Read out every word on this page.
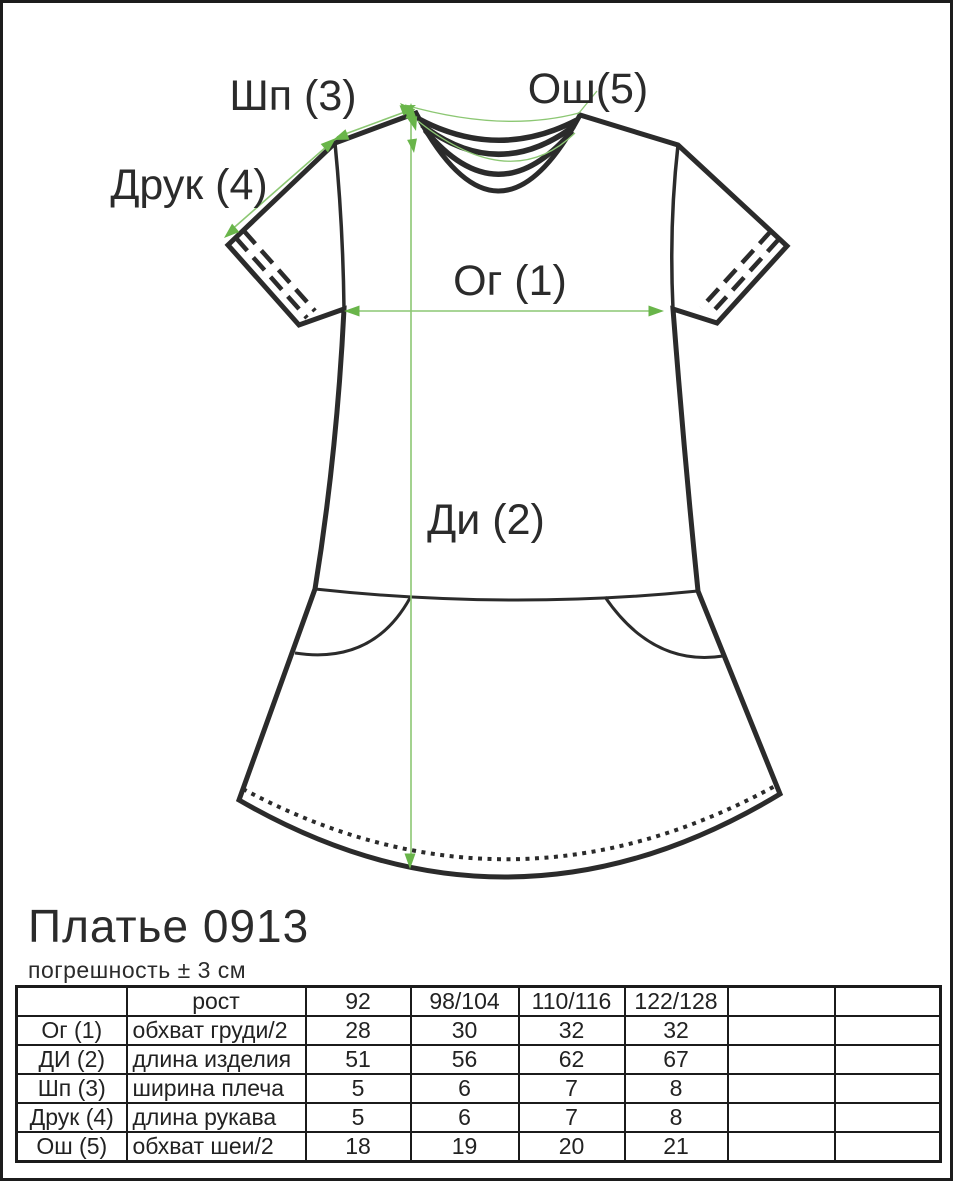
Шп (3)	Ош(5)
Друк (4)
Ог (1)
Ди (2)
Платье 0913
погрешность ± 3 см
	рост	92	98/104	110/116	122/128		
Ог (1)	обхват груди/2	28	30	32	32		
ДИ (2)	длина изделия	51	56	62	67		
Шп (3)	ширина плеча	5	6	7	8		
Друк (4)	длина рукава	5	6	7	8		
Ош (5)	обхват шеи/2	18	19	20	21		
